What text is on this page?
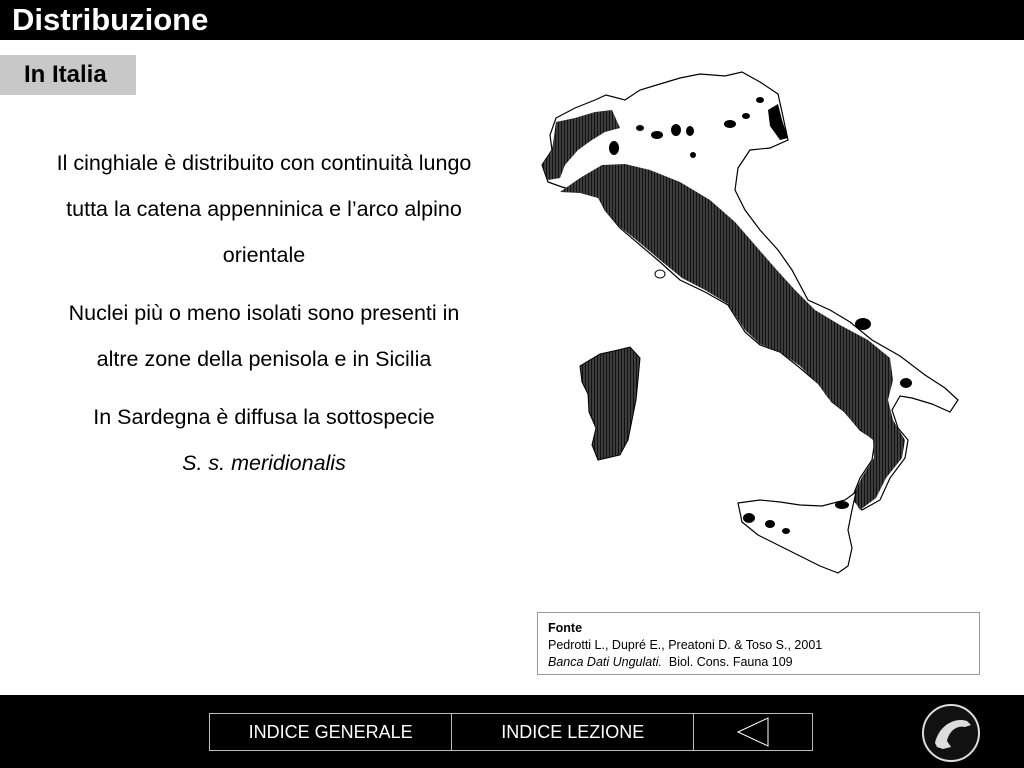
Distribuzione
In Italia

Il cinghiale è distribuito con continuità lungo tutta la catena appenninica e l’arco alpino orientale

Nuclei più o meno isolati sono presenti in altre zone della penisola e in Sicilia

In Sardegna è diffusa la sottospecie
S. s. meridionalis

Fonte
Pedrotti L., Dupré E., Preatoni D. & Toso S., 2001
Banca Dati Ungulati. Biol. Cons. Fauna 109
INDICE GENERALE	INDICE LEZIONE
